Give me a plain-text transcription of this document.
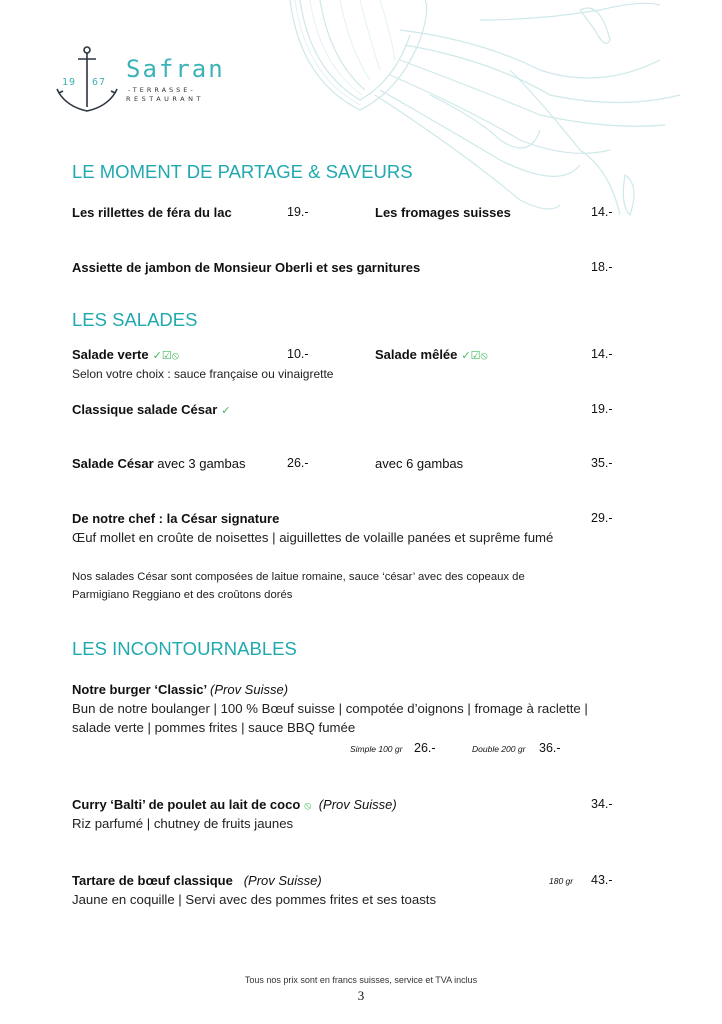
19 67 Safran
-TERRASSE-
RESTAURANT
LE MOMENT DE PARTAGE & SAVEURS
Les rillettes de féra du lac	19.-	Les fromages suisses	14.-
Assiette de jambon de Monsieur Oberli et ses garnitures	18.-
LES SALADES
Salade verte ✓☑⦸	10.-	Salade mêlée ✓☑⦸	14.-
Selon votre choix : sauce française ou vinaigrette
Classique salade César ✓	19.-
Salade César avec 3 gambas	26.-	avec 6 gambas	35.-
De notre chef : la César signature	29.-
Œuf mollet en croûte de noisettes | aiguillettes de volaille panées et suprême fumé
Nos salades César sont composées de laitue romaine, sauce ‘césar’ avec des copeaux de
Parmigiano Reggiano et des croûtons dorés
LES INCONTOURNABLES
Notre burger ‘Classic’ (Prov Suisse)
Bun de notre boulanger | 100 % Bœuf suisse | compotée d’oignons | fromage à raclette |
salade verte | pommes frites | sauce BBQ fumée
Simple 100 gr 26.-	Double 200 gr 36.-
Curry ‘Balti’ de poulet au lait de coco ⦸ (Prov Suisse)	34.-
Riz parfumé | chutney de fruits jaunes
Tartare de bœuf classique (Prov Suisse)	180 gr 43.-
Jaune en coquille | Servi avec des pommes frites et ses toasts
Tous nos prix sont en francs suisses, service et TVA inclus
3
